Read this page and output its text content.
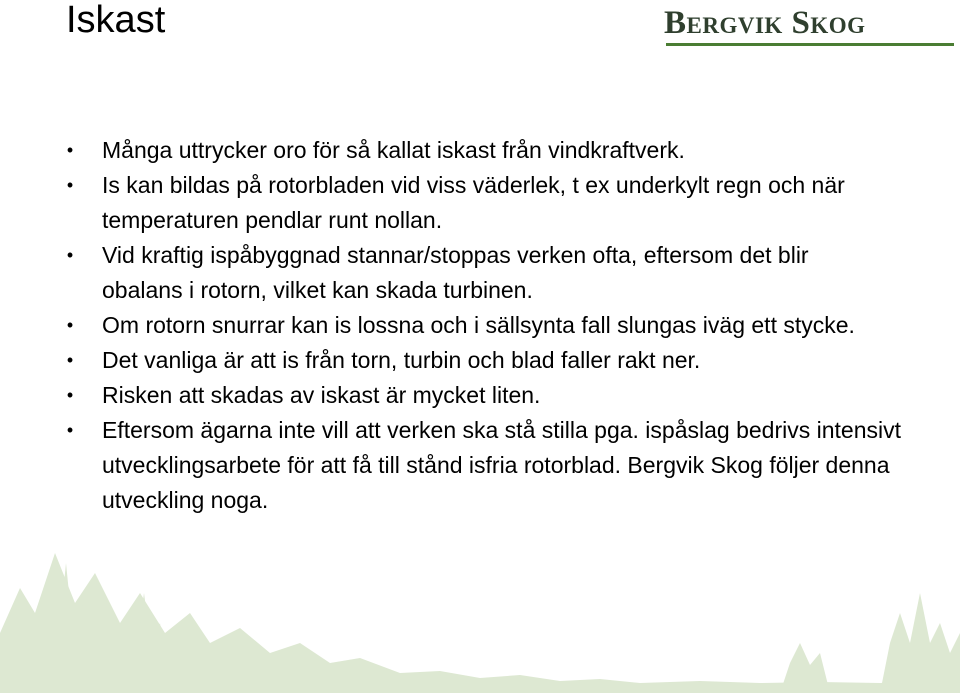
Iskast	Bergvik Skog
• Många uttrycker oro för så kallat iskast från vindkraftverk.
• Is kan bildas på rotorbladen vid viss väderlek, t ex underkylt regn och när temperaturen pendlar runt nollan.
• Vid kraftig ispåbyggnad stannar/stoppas verken ofta, eftersom det blir obalans i rotorn, vilket kan skada turbinen.
• Om rotorn snurrar kan is lossna och i sällsynta fall slungas iväg ett stycke.
• Det vanliga är att is från torn, turbin och blad faller rakt ner.
• Risken att skadas av iskast är mycket liten.
• Eftersom ägarna inte vill att verken ska stå stilla pga. ispåslag bedrivs intensivt utvecklingsarbete för att få till stånd isfria rotorblad. Bergvik Skog följer denna utveckling noga.
